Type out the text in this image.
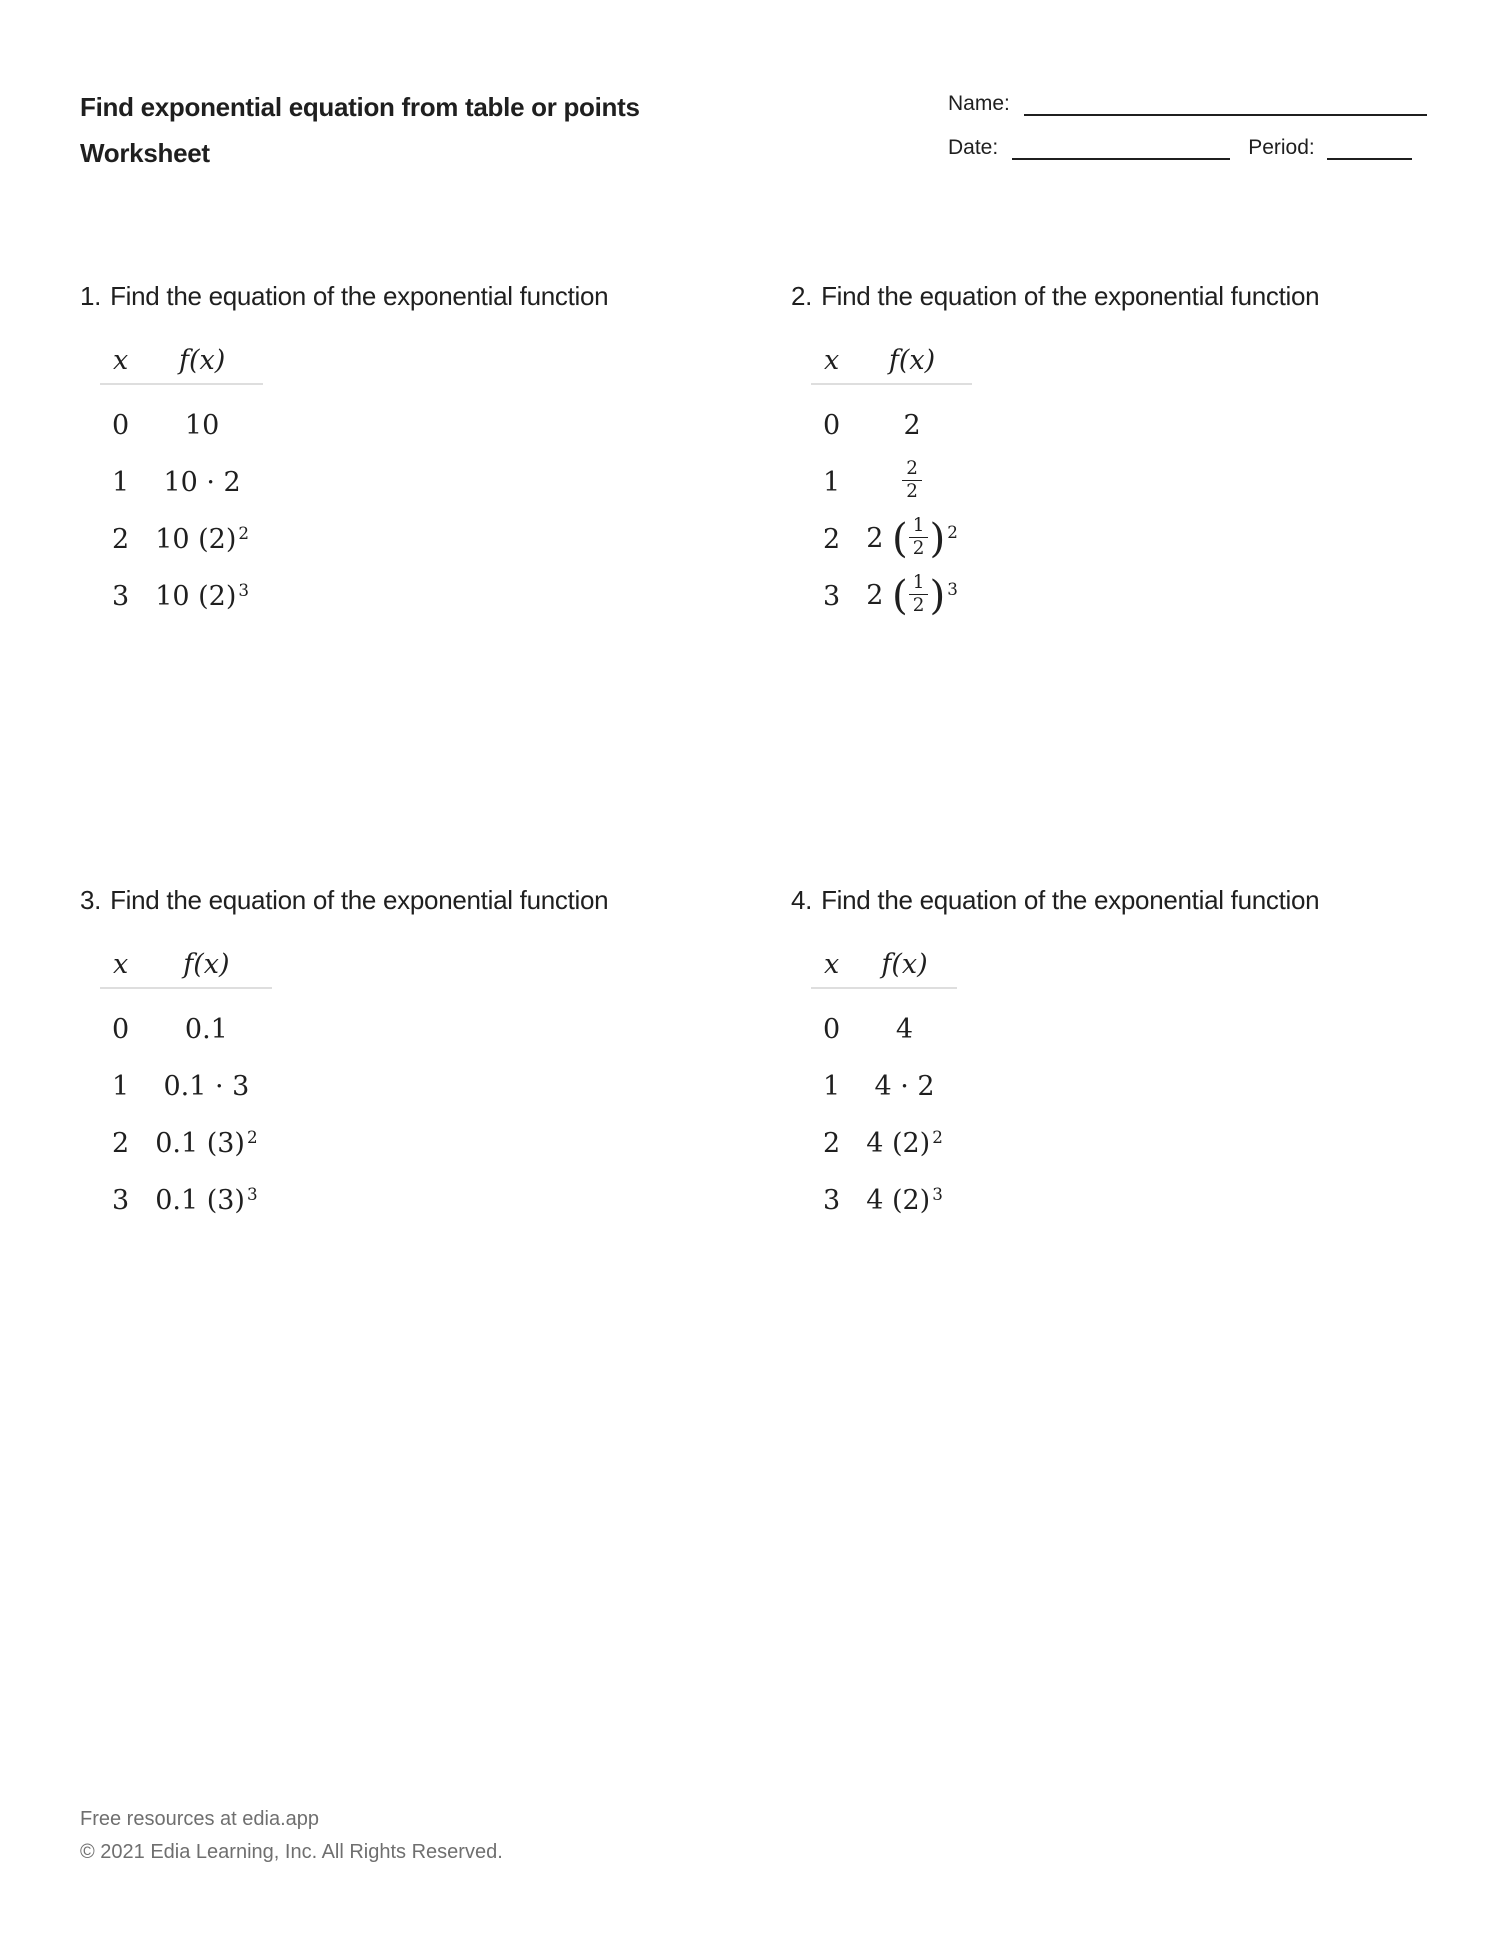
Find exponential equation from table or points
Worksheet
Name:
Date:	Period:
1. Find the equation of the exponential function
x	f(x)
0	10
1	10 · 2
2 10 (2) $^2$
3 10 (2) $^3$
2. Find the equation of the exponential function
x	f(x)
0	2
1	$\frac{2}{2}$
2 2 ( $\frac{1}{2}$ ) $^2$
3 2 ( $\frac{1}{2}$ ) $^3$
3. Find the equation of the exponential function
x	f(x)
0	0.1
1	0.1 · 3
2 0.1 (3) $^2$
3 0.1 (3) $^3$
4. Find the equation of the exponential function
x	f(x)
0	4
1	4 · 2
2 4 (2) $^2$
3 4 (2) $^3$
Free resources at edia.app
© 2021 Edia Learning, Inc. All Rights Reserved.
